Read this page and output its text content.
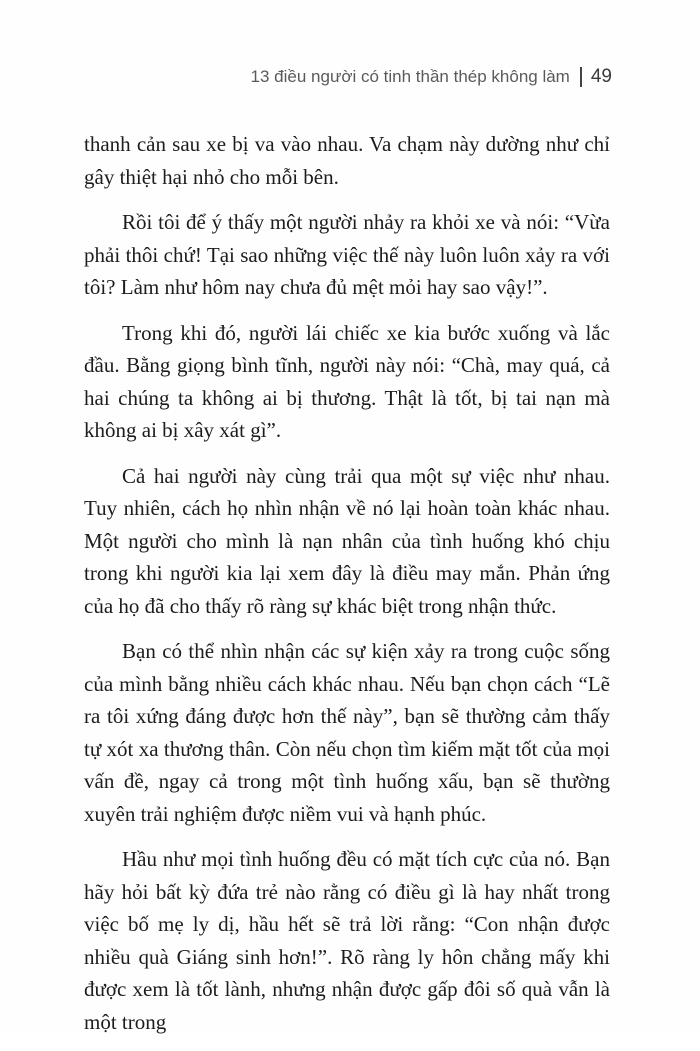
13 điều người có tinh thần thép không làm 49

thanh cản sau xe bị va vào nhau. Va chạm này dường như chỉ gây thiệt hại nhỏ cho mỗi bên.

Rồi tôi để ý thấy một người nhảy ra khỏi xe và nói: “Vừa phải thôi chứ! Tại sao những việc thế này luôn luôn xảy ra với tôi? Làm như hôm nay chưa đủ mệt mỏi hay sao vậy!”.

Trong khi đó, người lái chiếc xe kia bước xuống và lắc đầu. Bằng giọng bình tĩnh, người này nói: “Chà, may quá, cả hai chúng ta không ai bị thương. Thật là tốt, bị tai nạn mà không ai bị xây xát gì”.

Cả hai người này cùng trải qua một sự việc như nhau. Tuy nhiên, cách họ nhìn nhận về nó lại hoàn toàn khác nhau. Một người cho mình là nạn nhân của tình huống khó chịu trong khi người kia lại xem đây là điều may mắn. Phản ứng của họ đã cho thấy rõ ràng sự khác biệt trong nhận thức.

Bạn có thể nhìn nhận các sự kiện xảy ra trong cuộc sống của mình bằng nhiều cách khác nhau. Nếu bạn chọn cách “Lẽ ra tôi xứng đáng được hơn thế này”, bạn sẽ thường cảm thấy tự xót xa thương thân. Còn nếu chọn tìm kiếm mặt tốt của mọi vấn đề, ngay cả trong một tình huống xấu, bạn sẽ thường xuyên trải nghiệm được niềm vui và hạnh phúc.

Hầu như mọi tình huống đều có mặt tích cực của nó. Bạn hãy hỏi bất kỳ đứa trẻ nào rằng có điều gì là hay nhất trong việc bố mẹ ly dị, hầu hết sẽ trả lời rằng: “Con nhận được nhiều quà Giáng sinh hơn!”. Rõ ràng ly hôn chẳng mấy khi được xem là tốt lành, nhưng nhận được gấp đôi số quà vẫn là một trong
